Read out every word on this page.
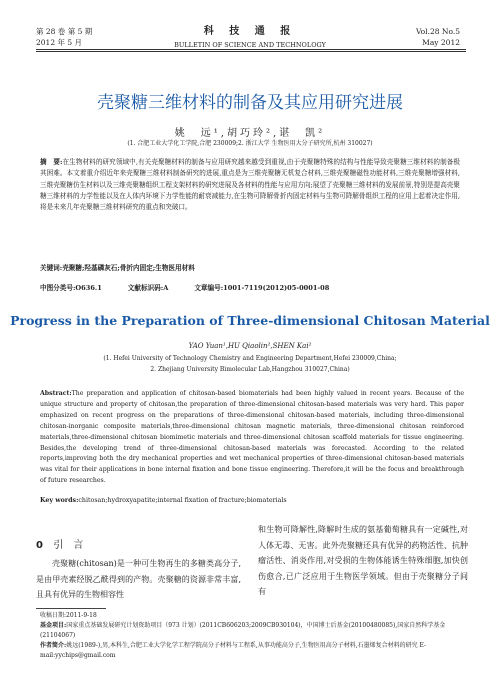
第 28 卷 第 5 期
2012 年 5 月
科 技 通 报
BULLETIN OF SCIENCE AND TECHNOLOGY
Vol.28 No.5
May 2012
壳聚糖三维材料的制备及其应用研究进展
姚　远¹,胡巧玲²,谌　凯²
(1. 合肥工业大学化工学院,合肥 230009;2. 浙江大学 生物医用大分子研究所,杭州 310027)
摘　要:在生物材料的研究领域中,有关壳聚糖材料的制备与应用研究越来越受到重视,由于壳聚糖特殊的结构与性能导致壳聚糖三维材料的制备极其困难。本文着重介绍近年来壳聚糖三维材料制备研究的进展,重点是为三维壳聚糖无机复合材料,三维壳聚糖磁性功能材料,三维壳聚糖增强材料,三维壳聚糖仿生材料以及三维壳聚糖组织工程支架材料的研究进展及各材料的性能与应用方向;展望了壳聚糖三维材料的发展前景,特别是提高壳聚糖三维材料的力学性能以及在人体内环境下力学性能的耐衰减能力,在生物可降解骨折内固定材料与生物可降解骨组织工程的应用上起着决定作用,将是未来几年壳聚糖三维材料研究的重点和突破口。
关键词:壳聚糖;羟基磷灰石;骨折内固定;生物医用材料
中图分类号:O636.1	文献标识码:A	文章编号:1001-7119(2012)05-0001-08
Progress in the Preparation of Three-dimensional Chitosan Material
YAO Yuan¹,HU Qiaolin²,SHEN Kai²
(1. Hefei University of Technology Chemistry and Engineering Department,Hefei 230009,China;
2. Zhejiang University Bimolecular Lab,Hangzhou 310027,China)
Abstract:The preparation and application of chitosan-based biomaterials had been highly valued in recent years. Because of the unique structure and property of chitosan,the preparation of three-dimensional chitosan-based materials was very hard. This paper emphasized on recent progress on the preparations of three-dimensional chitosan-based materials, including three-dimensional chitosan-inorganic composite materials,three-dimensional chitosan magnetic materials, three-dimensional chitosan reinforced materials,three-dimensional chitosan biomimetic materials and three-dimensional chitosan scaffold materials for tissue engineering. Besides,the developing trend of three-dimensional chitosan-based materials was forecasted. According to the related reports,improving both the dry mechanical properties and wet mechanical properties of three-dimensional chitosan-based materials was vital for their applications in bone internal fixation and bone tissue engineering. Therefore,it will be the focus and breakthrough of future researches.
Key words:chitosan;hydroxyapatite;internal fixation of fracture;biomaterials
0 引　言
壳聚糖(chitosan)是一种可生物再生的多糖类高分子,是由甲壳素经脱乙酰得到的产物。壳聚糖的资源非常丰富,且具有优异的生物相容性
和生物可降解性,降解时生成的氨基葡萄糖具有一定碱性,对人体无毒、无害。此外壳聚糖还具有优异的药物活性、抗肿瘤活性、消炎作用,对受损的生物体能诱生特殊细胞,加快创伤愈合,已广泛应用于生物医学领域。但由于壳聚糖分子间有
收稿日期:2011-9-18
基金项目:国家重点基础发展研究计划资助项目（973 计划）(2011CB606203;2009CB930104)，中国博士后基金(20100480085),国家自然科学基金(21104067)
作者简介:姚远(1989-),男,本科生,合肥工业大学化学工程学院高分子材料与工程系,从事功能高分子,生物医用高分子材料,石墨烯复合材料的研究 E-mail:yychips@gmail.com
